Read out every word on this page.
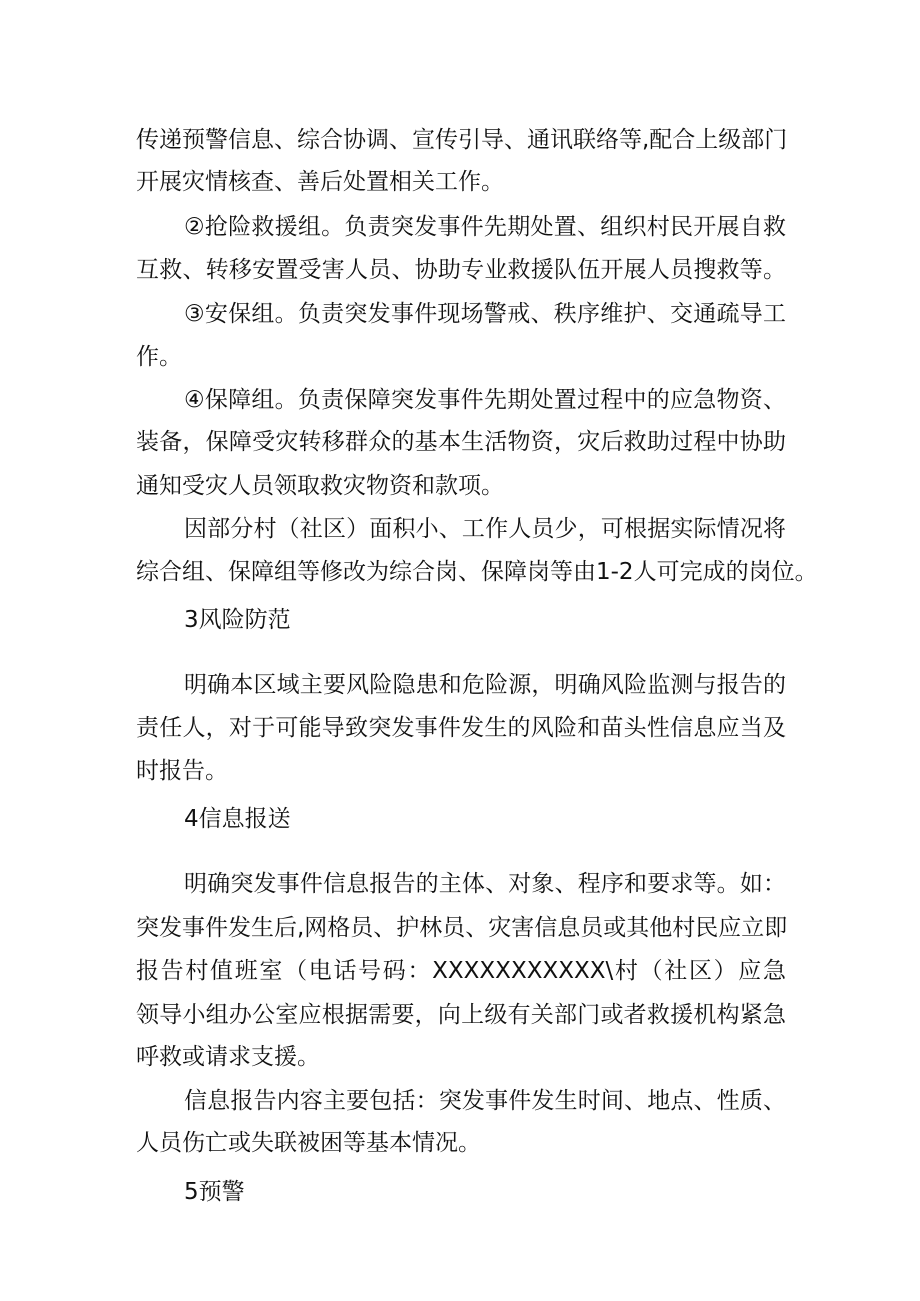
传递预警信息、综合协调、宣传引导、通讯联络等,配合上级部门
开展灾情核查、善后处置相关工作。
②抢险救援组。负责突发事件先期处置、组织村民开展自救
互救、转移安置受害人员、协助专业救援队伍开展人员搜救等。
③安保组。负责突发事件现场警戒、秩序维护、交通疏导工
作。
④保障组。负责保障突发事件先期处置过程中的应急物资、
装备，保障受灾转移群众的基本生活物资，灾后救助过程中协助
通知受灾人员领取救灾物资和款项。
因部分村（社区）面积小、工作人员少，可根据实际情况将
综合组、保障组等修改为综合岗、保障岗等由1-2人可完成的岗位。
3风险防范
明确本区域主要风险隐患和危险源，明确风险监测与报告的
责任人，对于可能导致突发事件发生的风险和苗头性信息应当及
时报告。
4信息报送
明确突发事件信息报告的主体、对象、程序和要求等。如：
突发事件发生后,网格员、护林员、灾害信息员或其他村民应立即
报告村值班室（电话号码：XXXXXXXXXXX\村（社区）应急
领导小组办公室应根据需要，向上级有关部门或者救援机构紧急
呼救或请求支援。
信息报告内容主要包括：突发事件发生时间、地点、性质、
人员伤亡或失联被困等基本情况。
5预警
